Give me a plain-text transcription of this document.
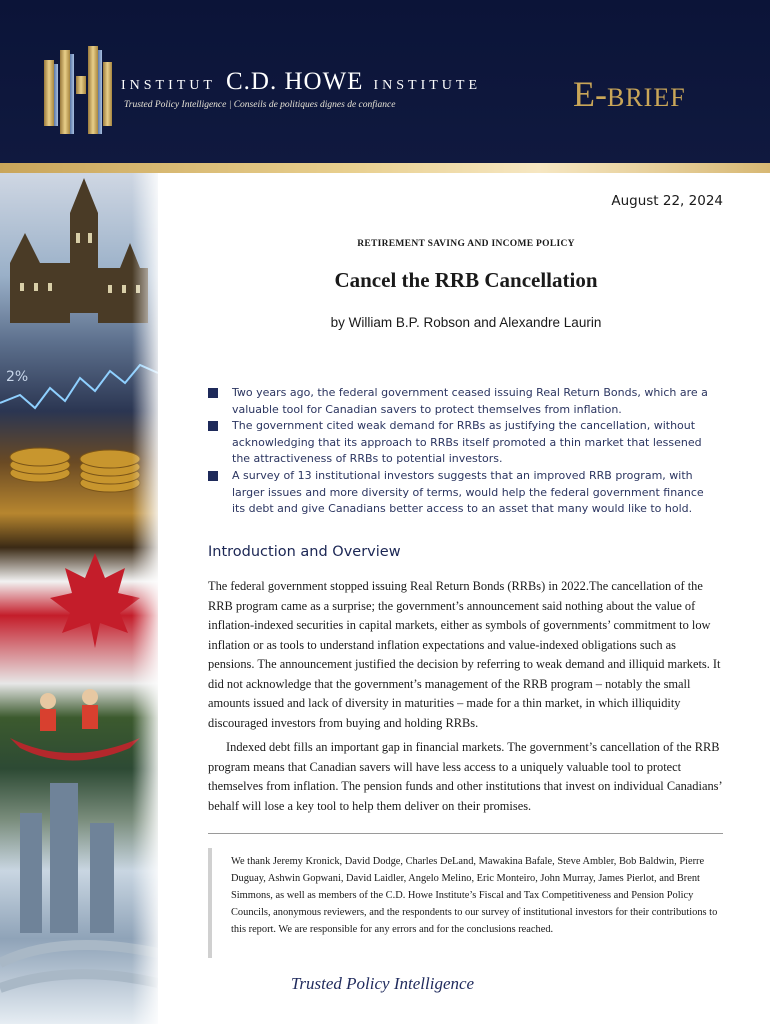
INSTITUT C.D. HOWE INSTITUTE
Trusted Policy Intelligence | Conseils de politiques dignes de confiance	E-BRIEF
2%
August 22, 2024
RETIREMENT SAVING AND INCOME POLICY
Cancel the RRB Cancellation
by William B.P. Robson and Alexandre Laurin
Two years ago, the federal government ceased issuing Real Return Bonds, which are a valuable tool for Canadian savers to protect themselves from inflation.
The government cited weak demand for RRBs as justifying the cancellation, without acknowledging that its approach to RRBs itself promoted a thin market that lessened the attractiveness of RRBs to potential investors.
A survey of 13 institutional investors suggests that an improved RRB program, with larger issues and more diversity of terms, would help the federal government finance its debt and give Canadians better access to an asset that many would like to hold.
Introduction and Overview

The federal government stopped issuing Real Return Bonds (RRBs) in 2022.The cancellation of the RRB program came as a surprise; the government’s announcement said nothing about the value of inflation-indexed securities in capital markets, either as symbols of governments’ commitment to low inflation or as tools to understand inflation expectations and value-indexed obligations such as pensions. The announcement justified the decision by referring to weak demand and illiquid markets. It did not acknowledge that the government’s management of the RRB program – notably the small amounts issued and lack of diversity in maturities – made for a thin market, in which illiquidity discouraged investors from buying and holding RRBs.

Indexed debt fills an important gap in financial markets. The government’s cancellation of the RRB program means that Canadian savers will have less access to a uniquely valuable tool to protect themselves from inflation. The pension funds and other institutions that invest on individual Canadians’ behalf will lose a key tool to help them deliver on their promises.

We thank Jeremy Kronick, David Dodge, Charles DeLand, Mawakina Bafale, Steve Ambler, Bob Baldwin, Pierre Duguay, Ashwin Gopwani, David Laidler, Angelo Melino, Eric Monteiro, John Murray, James Pierlot, and Brent Simmons, as well as members of the C.D. Howe Institute’s Fiscal and Tax Competitiveness and Pension Policy Councils, anonymous reviewers, and the respondents to our survey of institutional investors for their contributions to this report. We are responsible for any errors and for the conclusions reached.

Trusted Policy Intelligence
